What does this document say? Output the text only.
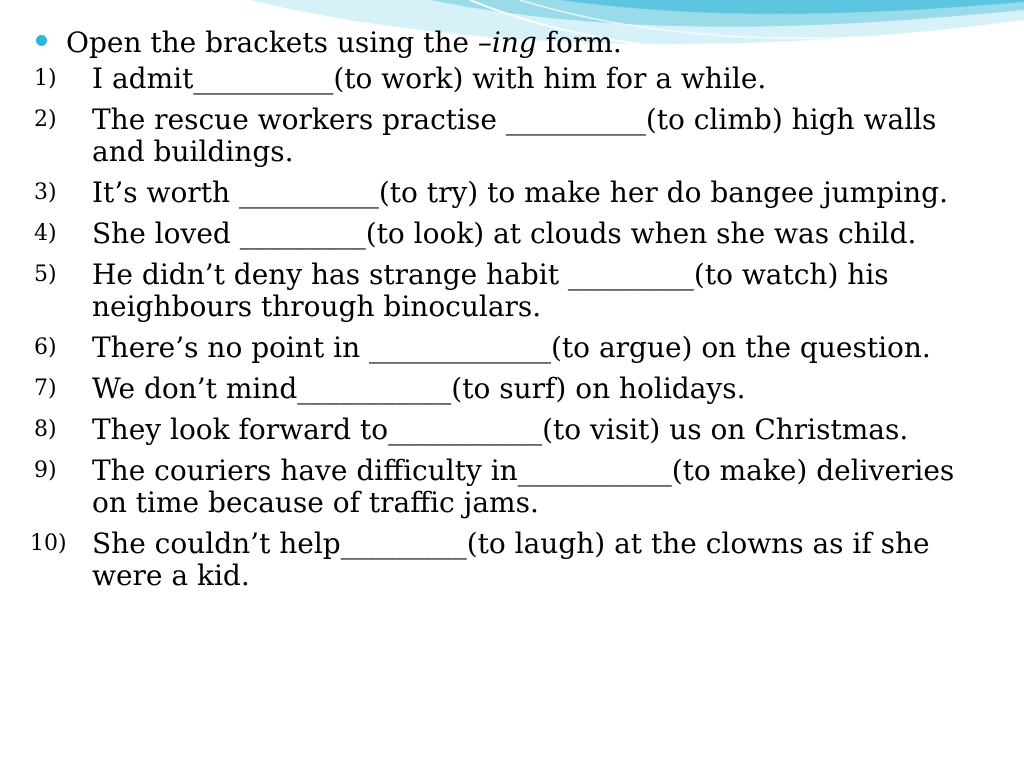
Open the brackets using the –ing form.
1)	I admit__________(to work) with him for a while.
2)	The rescue workers practise __________(to climb) high walls and buildings.
3)	It’s worth __________(to try) to make her do bangee jumping.
4)	She loved _________(to look) at clouds when she was child.
5)	He didn’t deny has strange habit _________(to watch) his neighbours through binoculars.
6)	There’s no point in _____________(to argue) on the question.
7)	We don’t mind___________(to surf) on holidays.
8)	They look forward to___________(to visit) us on Christmas.
9)	The couriers have difficulty in___________(to make) deliveries on time because of traffic jams.
10) She couldn’t help_________(to laugh) at the clowns as if she were a kid.
